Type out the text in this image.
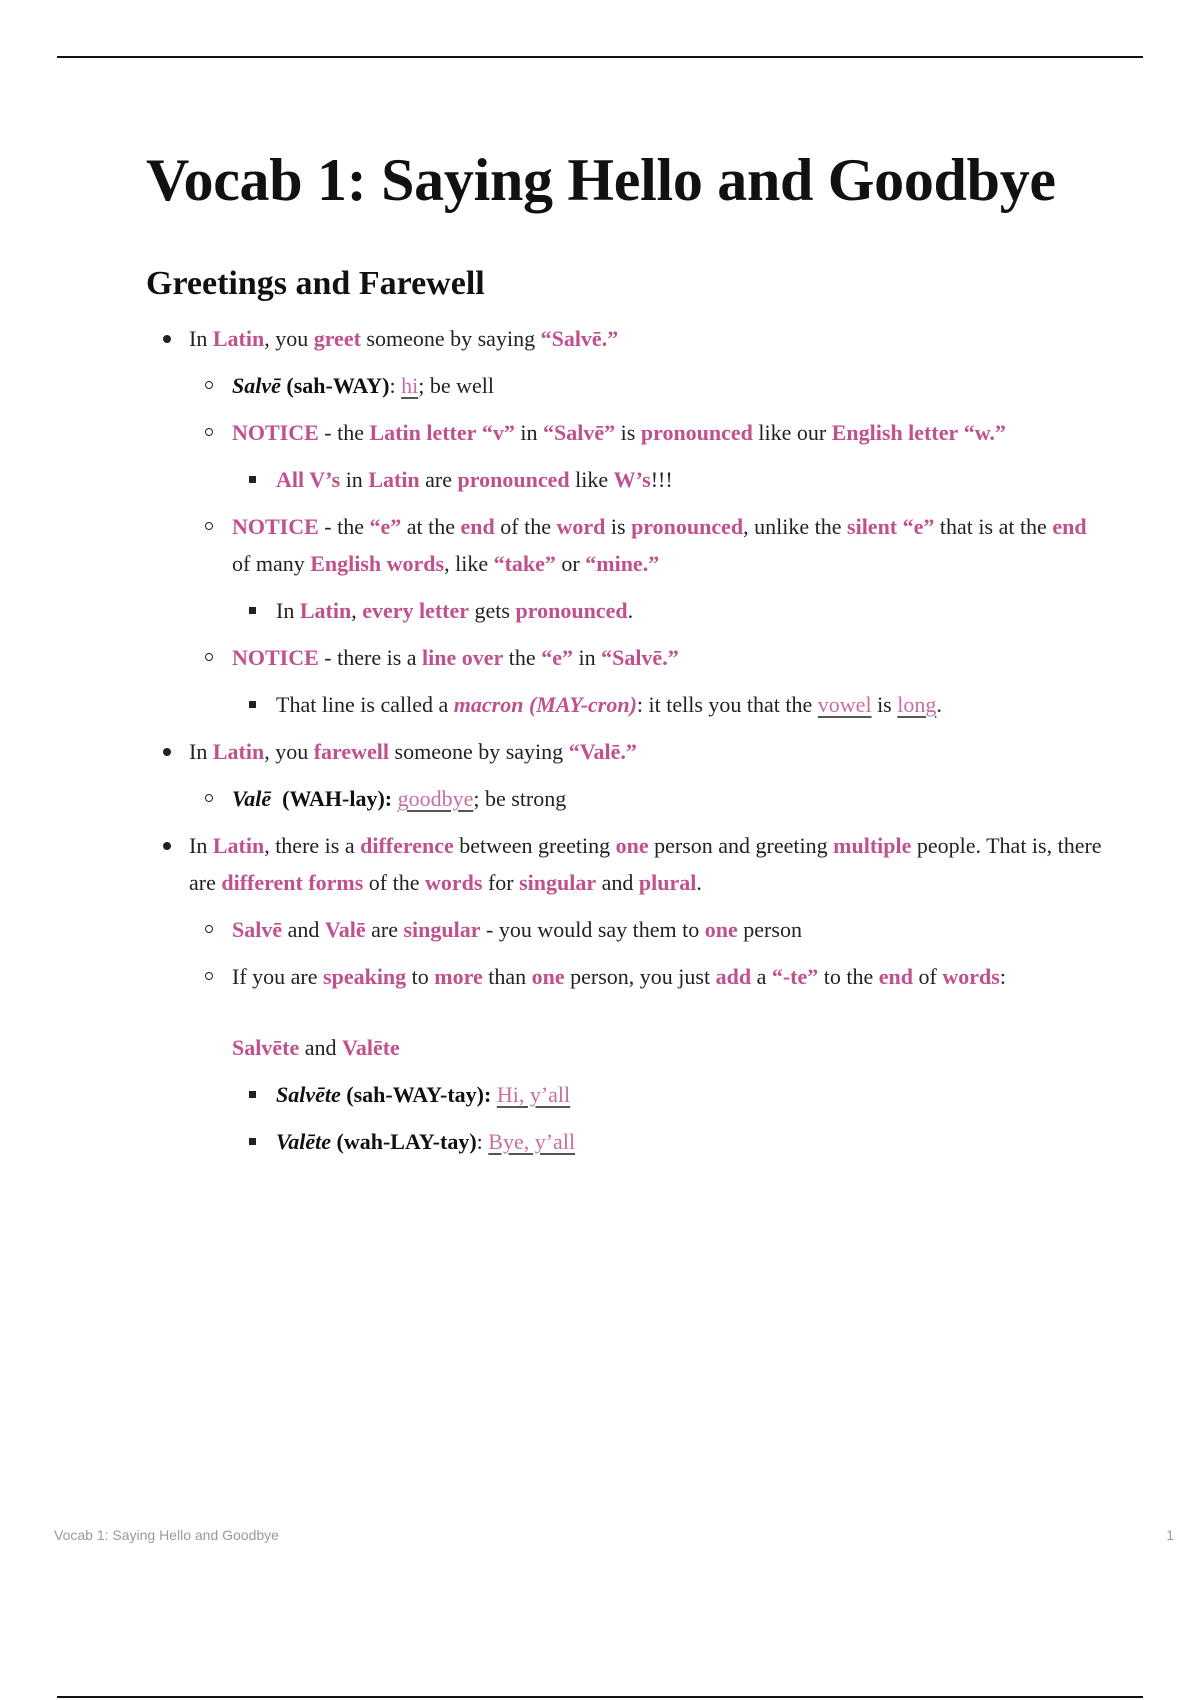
Vocab 1: Saying Hello and Goodbye
Greetings and Farewell
In Latin, you greet someone by saying “Salvē.”
Salvē (sah-WAY): hi; be well
NOTICE - the Latin letter “v” in “Salvē” is pronounced like our English letter “w.”
All V’s in Latin are pronounced like W’s!!!
NOTICE - the “e” at the end of the word is pronounced, unlike the silent “e” that is at the end of many English words, like “take” or “mine.”
In Latin, every letter gets pronounced.
NOTICE - there is a line over the “e” in “Salvē.”
That line is called a macron (MAY-cron): it tells you that the vowel is long.
In Latin, you farewell someone by saying “Valē.”
Valē  (WAH-lay): goodbye; be strong
In Latin, there is a difference between greeting one person and greeting multiple people. That is, there are different forms of the words for singular and plural.
Salvē and Valē are singular - you would say them to one person
If you are speaking to more than one person, you just add a “-te” to the end of words:
Salvēte and Valēte
Salvēte (sah-WAY-tay): Hi, y’all
Valēte (wah-LAY-tay): Bye, y’all
Vocab 1: Saying Hello and Goodbye	1
